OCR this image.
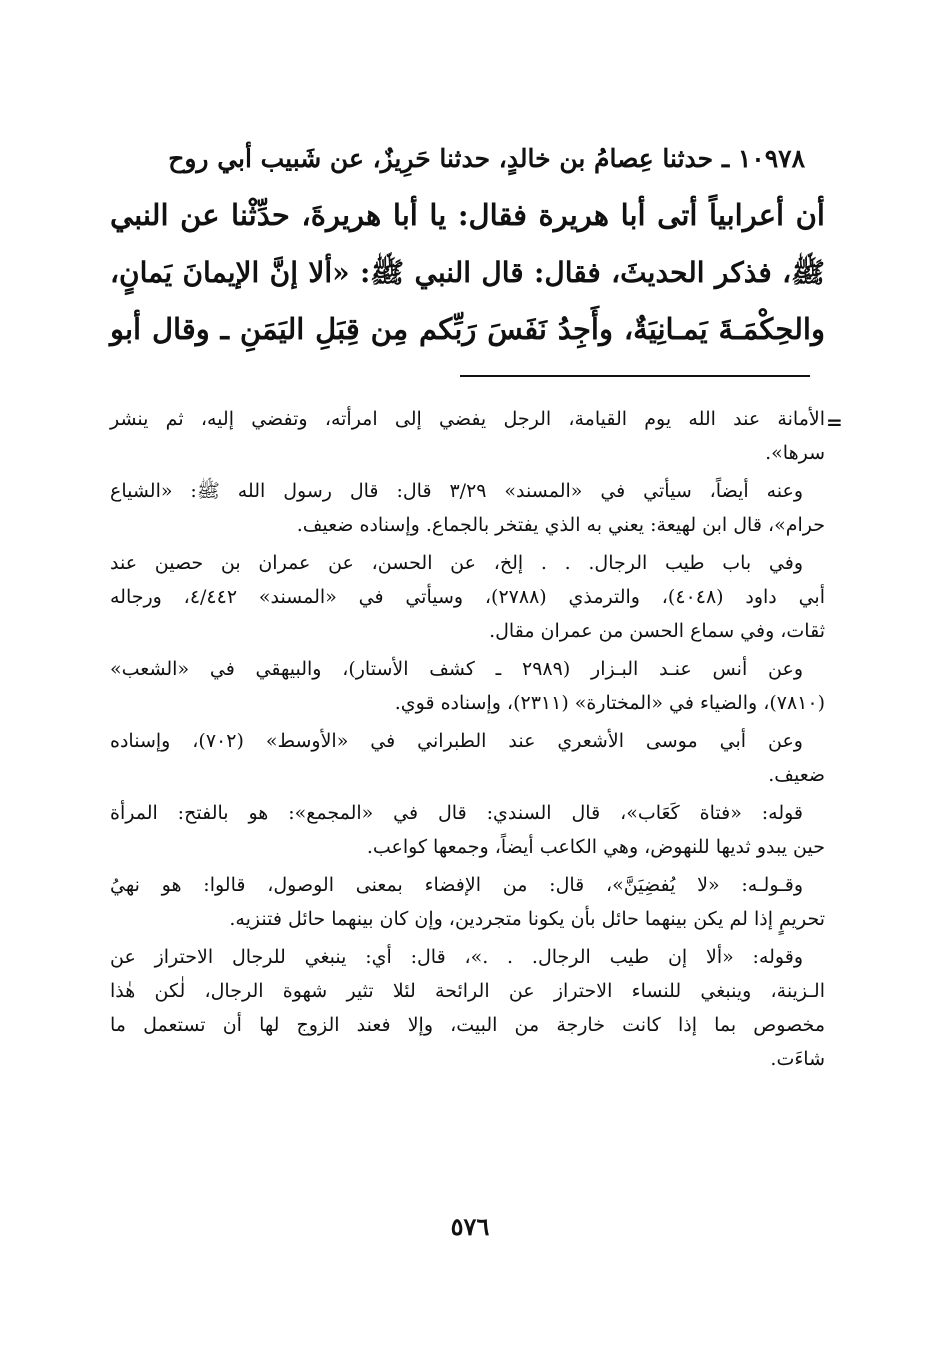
١٠٩٧٨ ـ حدثنا عِصامُ بن خالدٍ، حدثنا حَرِيزٌ، عن شَبيب أبي روح

أن أعرابياً أتى أبا هريرة فقال: يا أبا هريرةَ، حدِّثْنا عن النبي

ﷺ، فذكر الحديثَ، فقال: قال النبي ﷺ: «ألا إنَّ الإيمانَ يَمانٍ،

والحِكْمَـةَ يَمـانِيَةٌ، وأَجِدُ نَفَسَ رَبِّكم مِن قِبَلِ اليَمَنِ ـ وقال أبو

=

الأمانة عند الله يوم القيامة، الرجل يفضي إلى امرأته، وتفضي إليه، ثم ينشر
سرها».

وعنه أيضاً، سيأتي في «المسند» ٣/٢٩ قال: قال رسول الله ﷺ: «الشياع
حرام»، قال ابن لهيعة: يعني به الذي يفتخر بالجماع. وإسناده ضعيف.

وفي باب طيب الرجال. . . إلخ، عن الحسن، عن عمران بن حصين عند
أبي داود (٤٠٤٨)، والترمذي (٢٧٨٨)، وسيأتي في «المسند» ٤/٤٤٢، ورجاله
ثقات، وفي سماع الحسن من عمران مقال.

وعن أنس عنـد البـزار (٢٩٨٩ ـ كشف الأستار)، والبيهقي في «الشعب»
(٧٨١٠)، والضياء في «المختارة» (٢٣١١)، وإسناده قوي.

وعن أبي موسى الأشعري عند الطبراني في «الأوسط» (٧٠٢)، وإسناده
ضعيف.

قوله: «فتاة كَعَاب»، قال السندي: قال في «المجمع»: هو بالفتح: المرأة
حين يبدو ثديها للنهوض، وهي الكاعب أيضاً، وجمعها كواعب.

وقـولـه: «لا يُفضِيَنَّ»، قال: من الإفضاء بمعنى الوصول، قالوا: هو نهيُ
تحريمٍ إذا لم يكن بينهما حائل بأن يكونا متجردين، وإن كان بينهما حائل فتنزيه.

وقوله: «ألا إن طيب الرجال. . .»، قال: أي: ينبغي للرجال الاحتراز عن
الـزينة، وينبغي للنساء الاحتراز عن الرائحة لئلا تثير شهوة الرجال، لٰكن هٰذا
مخصوص بما إذا كانت خارجة من البيت، وإلا فعند الزوج لها أن تستعمل ما
شاءَت.

٥٧٦
